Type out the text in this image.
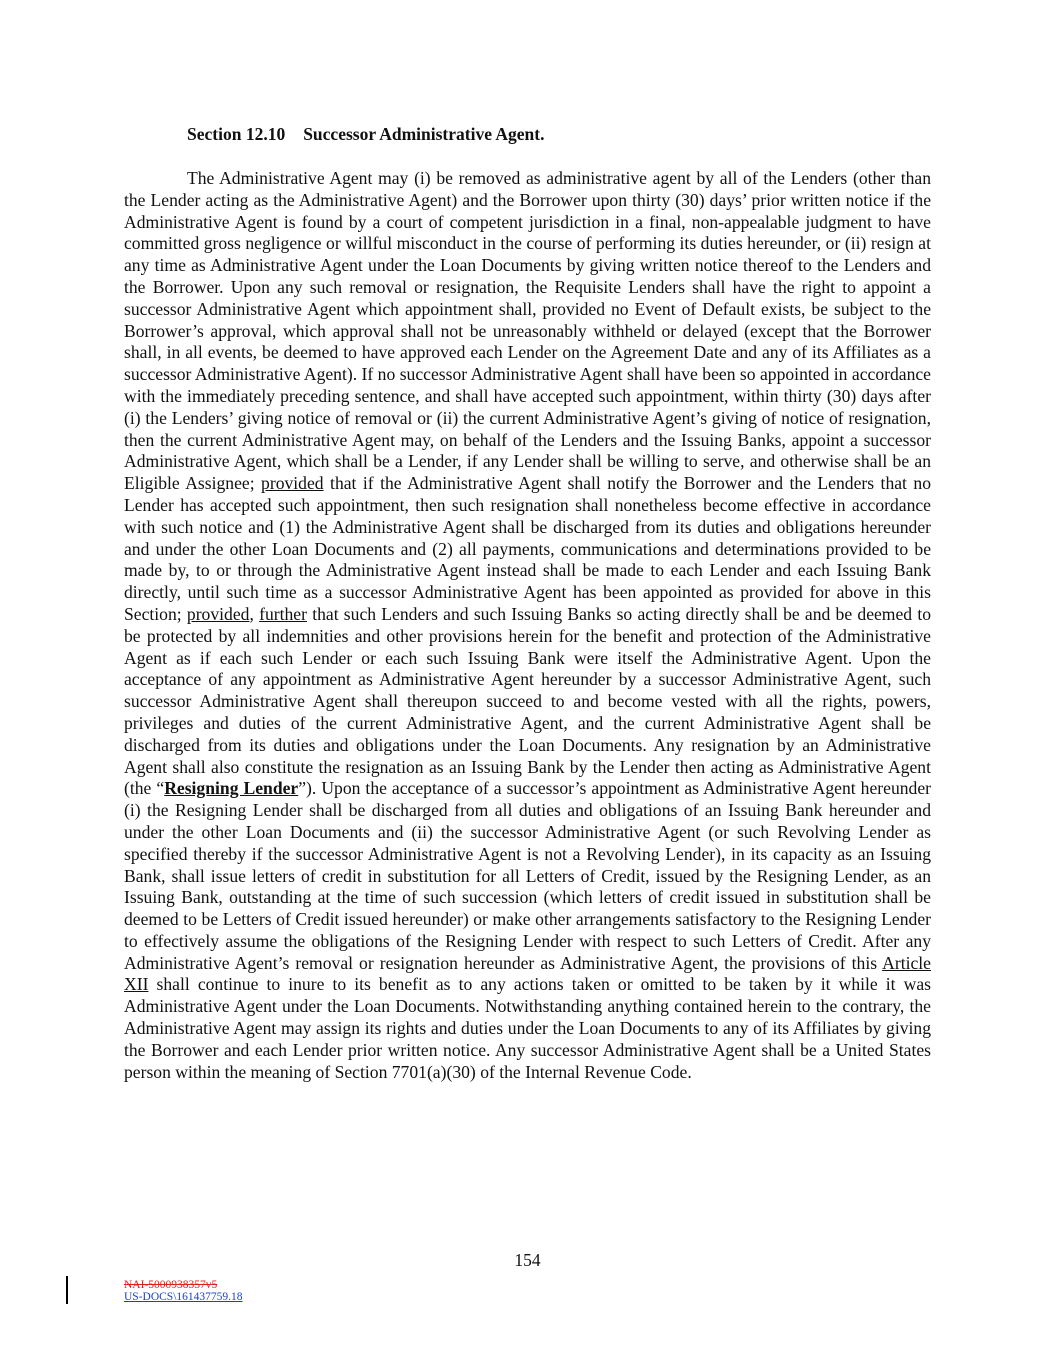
Section 12.10 Successor Administrative Agent.

The Administrative Agent may (i) be removed as administrative agent by all of the Lenders (other than the Lender acting as the Administrative Agent) and the Borrower upon thirty (30) days’ prior written notice if the Administrative Agent is found by a court of competent jurisdiction in a final, non-appealable judgment to have committed gross negligence or willful misconduct in the course of performing its duties hereunder, or (ii) resign at any time as Administrative Agent under the Loan Documents by giving written notice thereof to the Lenders and the Borrower. Upon any such removal or resignation, the Requisite Lenders shall have the right to appoint a successor Administrative Agent which appointment shall, provided no Event of Default exists, be subject to the Borrower’s approval, which approval shall not be unreasonably withheld or delayed (except that the Borrower shall, in all events, be deemed to have approved each Lender on the Agreement Date and any of its Affiliates as a successor Administrative Agent). If no successor Administrative Agent shall have been so appointed in accordance with the immediately preceding sentence, and shall have accepted such appointment, within thirty (30) days after (i) the Lenders’ giving notice of removal or (ii) the current Administrative Agent’s giving of notice of resignation, then the current Administrative Agent may, on behalf of the Lenders and the Issuing Banks, appoint a successor Administrative Agent, which shall be a Lender, if any Lender shall be willing to serve, and otherwise shall be an Eligible Assignee; provided that if the Administrative Agent shall notify the Borrower and the Lenders that no Lender has accepted such appointment, then such resignation shall nonetheless become effective in accordance with such notice and (1) the Administrative Agent shall be discharged from its duties and obligations hereunder and under the other Loan Documents and (2) all payments, communications and determinations provided to be made by, to or through the Administrative Agent instead shall be made to each Lender and each Issuing Bank directly, until such time as a successor Administrative Agent has been appointed as provided for above in this Section; provided, further that such Lenders and such Issuing Banks so acting directly shall be and be deemed to be protected by all indemnities and other provisions herein for the benefit and protection of the Administrative Agent as if each such Lender or each such Issuing Bank were itself the Administrative Agent. Upon the acceptance of any appointment as Administrative Agent hereunder by a successor Administrative Agent, such successor Administrative Agent shall thereupon succeed to and become vested with all the rights, powers, privileges and duties of the current Administrative Agent, and the current Administrative Agent shall be discharged from its duties and obligations under the Loan Documents. Any resignation by an Administrative Agent shall also constitute the resignation as an Issuing Bank by the Lender then acting as Administrative Agent (the “Resigning Lender”). Upon the acceptance of a successor’s appointment as Administrative Agent hereunder (i) the Resigning Lender shall be discharged from all duties and obligations of an Issuing Bank hereunder and under the other Loan Documents and (ii) the successor Administrative Agent (or such Revolving Lender as specified thereby if the successor Administrative Agent is not a Revolving Lender), in its capacity as an Issuing Bank, shall issue letters of credit in substitution for all Letters of Credit, issued by the Resigning Lender, as an Issuing Bank, outstanding at the time of such succession (which letters of credit issued in substitution shall be deemed to be Letters of Credit issued hereunder) or make other arrangements satisfactory to the Resigning Lender to effectively assume the obligations of the Resigning Lender with respect to such Letters of Credit. After any Administrative Agent’s removal or resignation hereunder as Administrative Agent, the provisions of this Article XII shall continue to inure to its benefit as to any actions taken or omitted to be taken by it while it was Administrative Agent under the Loan Documents. Notwithstanding anything contained herein to the contrary, the Administrative Agent may assign its rights and duties under the Loan Documents to any of its Affiliates by giving the Borrower and each Lender prior written notice. Any successor Administrative Agent shall be a United States person within the meaning of Section 7701(a)(30) of the Internal Revenue Code.

154
NAI-5000938357v5
US-DOCS\161437759.18
